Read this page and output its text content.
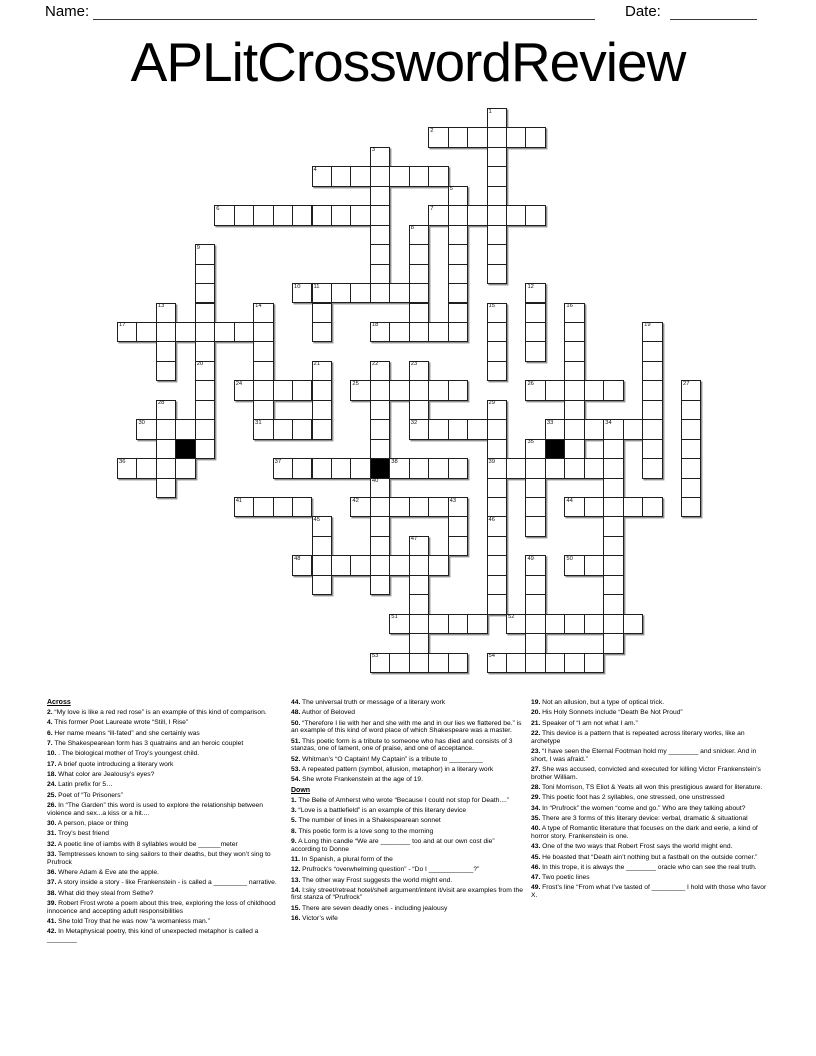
Name:	Date:
APLitCrosswordReview
1
2
3
4
5
6	7
8
9
10 11	12
13	14	15	16
17	18	19
20	21	22	23
24	25	26	27
28	29
30	31	32	33	34
35
36	37	38	39
40
41	42	43	44
45	46
47
48	49	50
51	52
53	54
Across
2. “My love is like a red red rose” is an example of this kind of comparison.
4. This former Poet Laureate wrote “Still, I Rise”
6. Her name means “ill-fated” and she certainly was
7. The Shakespearean form has 3 quatrains and an heroic couplet
10. . The biological mother of Troy’s youngest child.
17. A brief quote introducing a literary work
18. What color are Jealousy’s eyes?
24. Latin prefix for 5…
25. Poet of “To Prisoners”
26. In “The Garden” this word is used to explore the relationship between violence and sex...a kiss or a hit....
30. A person, place or thing
31. Troy’s best friend
32. A poetic line of iambs with 8 syllables would be ______meter
33. Temptresses known to sing sailors to their deaths, but they won’t sing to Prufrock
36. Where Adam & Eve ate the apple.
37. A story inside a story - like Frankenstein - is called a _________ narrative.
38. What did they steal from Sethe?
39. Robert Frost wrote a poem about this tree, exploring the loss of childhood innocence and accepting adult responsibilities
41. She told Troy that he was now “a womanless man.”
42. In Metaphysical poetry, this kind of unexpected metaphor is called a ________
44. The universal truth or message of a literary work
48. Author of Beloved
50. “Therefore I lie with her and she with me and in our lies we flattered be.” is an example of this kind of word place of which Shakespeare was a master.
51. This poetic form is a tribute to someone who has died and consists of 3 stanzas, one of lament, one of praise, and one of acceptance.
52. Whitman’s “O Captain! My Captain” is a tribute to _________
53. A repeated pattern (symbol, allusion, metaphor) in a literary work
54. She wrote Frankenstein at the age of 19.
Down
1. The Belle of Amherst who wrote “Because I could not stop for Death....”
3. “Love is a battlefield” is an example of this literary device
5. The number of lines in a Shakespearean sonnet
8. This poetic form is a love song to the morning
9. A Long thin candle “We are ________ too and at our own cost die” according to Donne
11. In Spanish, a plural form of the
12. Prufrock’s “overwhelming question” - “Do I ____________?”
13. The other way Frost suggests the world might end.
14. I:sky street/retreat hotel/shell argument/intent it/visit are examples from the first stanza of “Prufrock”
15. There are seven deadly ones - including jealousy
16. Victor’s wife
19. Not an allusion, but a type of optical trick.
20. His Holy Sonnets include “Death Be Not Proud”
21. Speaker of “I am not what I am.”
22. This device is a pattern that is repeated across literary works, like an archetype
23. “I have seen the Eternal Footman hold my ________ and snicker. And in short, I was afraid.”
27. She was accused, convicted and executed for killing Victor Frankenstein’s brother William.
28. Toni Morrison, TS Eliot & Yeats all won this prestigious award for literature.
29. This poetic foot has 2 syllables, one stressed, one unstressed
34. In “Prufrock” the women “come and go.” Who are they talking about?
35. There are 3 forms of this literary device: verbal, dramatic & situational
40. A type of Romantic literature that focuses on the dark and eerie, a kind of horror story. Frankenstein is one.
43. One of the two ways that Robert Frost says the world might end.
45. He boasted that “Death ain’t nothing but a fastball on the outside corner.”
46. In this trope, it is always the ________ oracle who can see the real truth.
47. Two poetic lines
49. Frost’s line “From what I’ve tasted of _________ I hold with those who favor X.
